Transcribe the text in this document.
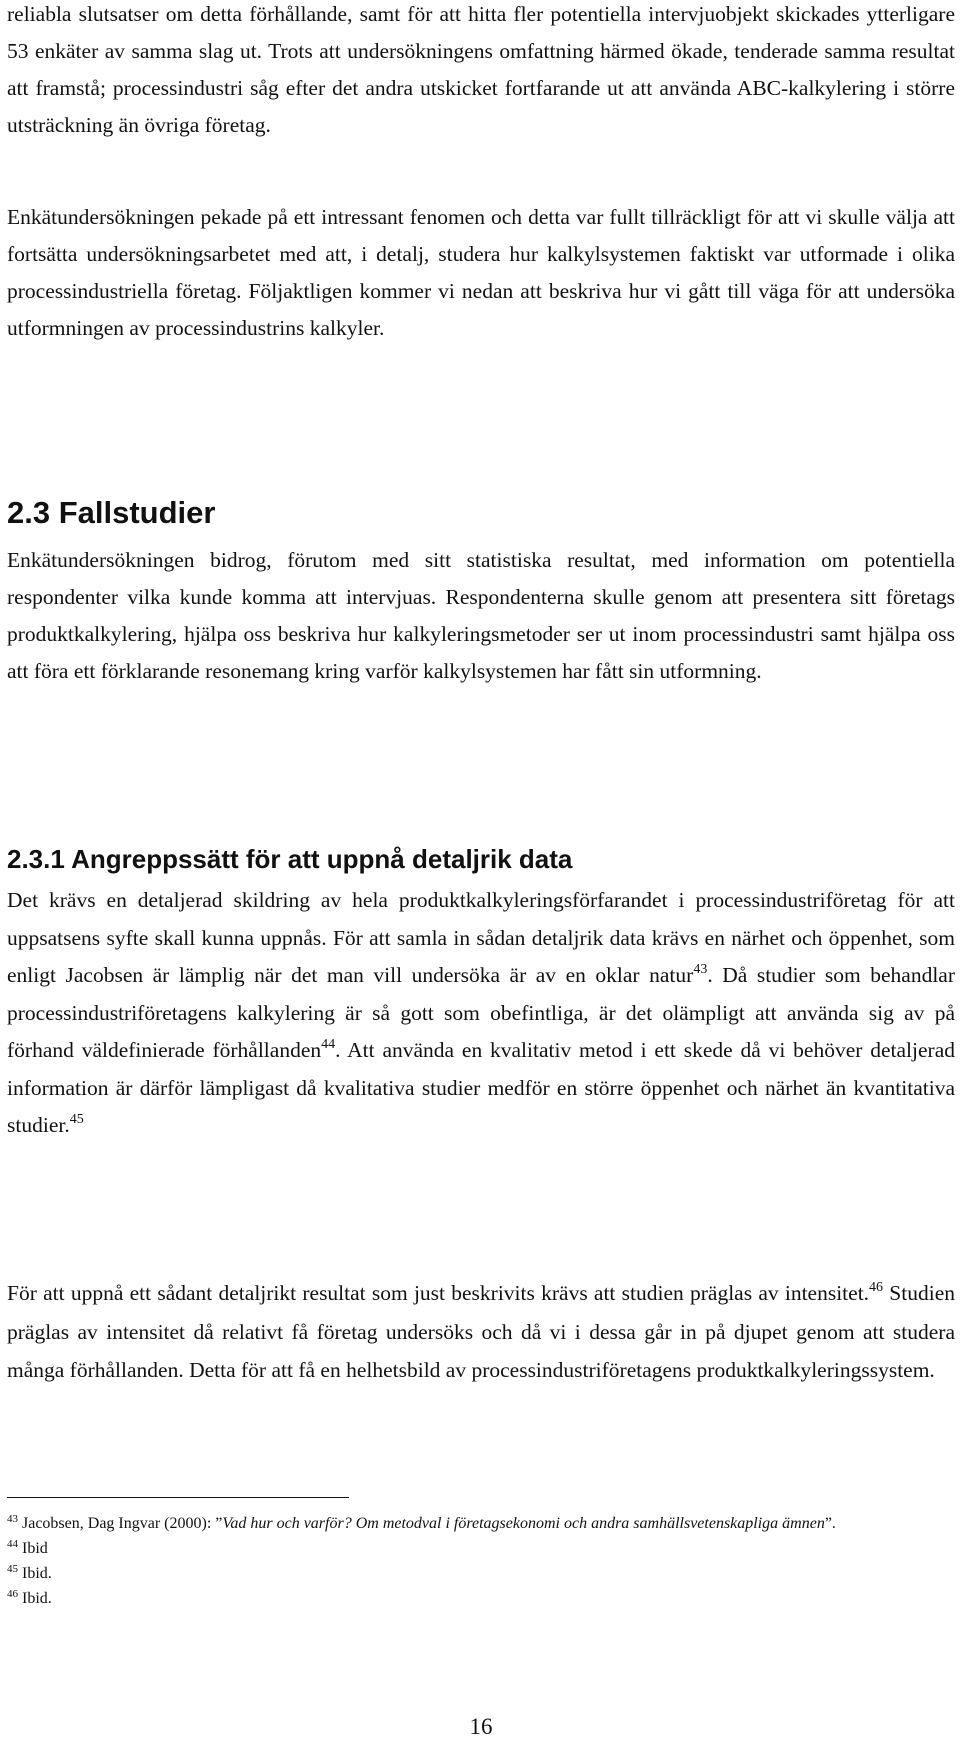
reliabla slutsatser om detta förhållande, samt för att hitta fler potentiella intervjuobjekt skickades ytterligare 53 enkäter av samma slag ut. Trots att undersökningens omfattning härmed ökade, tenderade samma resultat att framstå; processindustri såg efter det andra utskicket fortfarande ut att använda ABC-kalkylering i större utsträckning än övriga företag.

Enkätundersökningen pekade på ett intressant fenomen och detta var fullt tillräckligt för att vi skulle välja att fortsätta undersökningsarbetet med att, i detalj, studera hur kalkylsystemen faktiskt var utformade i olika processindustriella företag. Följaktligen kommer vi nedan att beskriva hur vi gått till väga för att undersöka utformningen av processindustrins kalkyler.

2.3 Fallstudier

Enkätundersökningen bidrog, förutom med sitt statistiska resultat, med information om potentiella respondenter vilka kunde komma att intervjuas. Respondenterna skulle genom att presentera sitt företags produktkalkylering, hjälpa oss beskriva hur kalkyleringsmetoder ser ut inom processindustri samt hjälpa oss att föra ett förklarande resonemang kring varför kalkylsystemen har fått sin utformning.

2.3.1 Angreppssätt för att uppnå detaljrik data

Det krävs en detaljerad skildring av hela produktkalkyleringsförfarandet i processindustriföretag för att uppsatsens syfte skall kunna uppnås. För att samla in sådan detaljrik data krävs en närhet och öppenhet, som enligt Jacobsen är lämplig när det man vill undersöka är av en oklar natur$^{43}$. Då studier som behandlar processindustriföretagens kalkylering är så gott som obefintliga, är det olämpligt att använda sig av på förhand väldefinierade förhållanden$^{44}$. Att använda en kvalitativ metod i ett skede då vi behöver detaljerad information är därför lämpligast då kvalitativa studier medför en större öppenhet och närhet än kvantitativa studier.$^{45}$

För att uppnå ett sådant detaljrikt resultat som just beskrivits krävs att studien präglas av intensitet.$^{46}$ Studien präglas av intensitet då relativt få företag undersöks och då vi i dessa går in på djupet genom att studera många förhållanden. Detta för att få en helhetsbild av processindustriföretagens produktkalkyleringssystem.

$^{43}$ Jacobsen, Dag Ingvar (2000): ”Vad hur och varför? Om metodval i företagsekonomi och andra samhällsvetenskapliga ämnen”.

$^{44}$ Ibid

$^{45}$ Ibid.

$^{46}$ Ibid.

16
